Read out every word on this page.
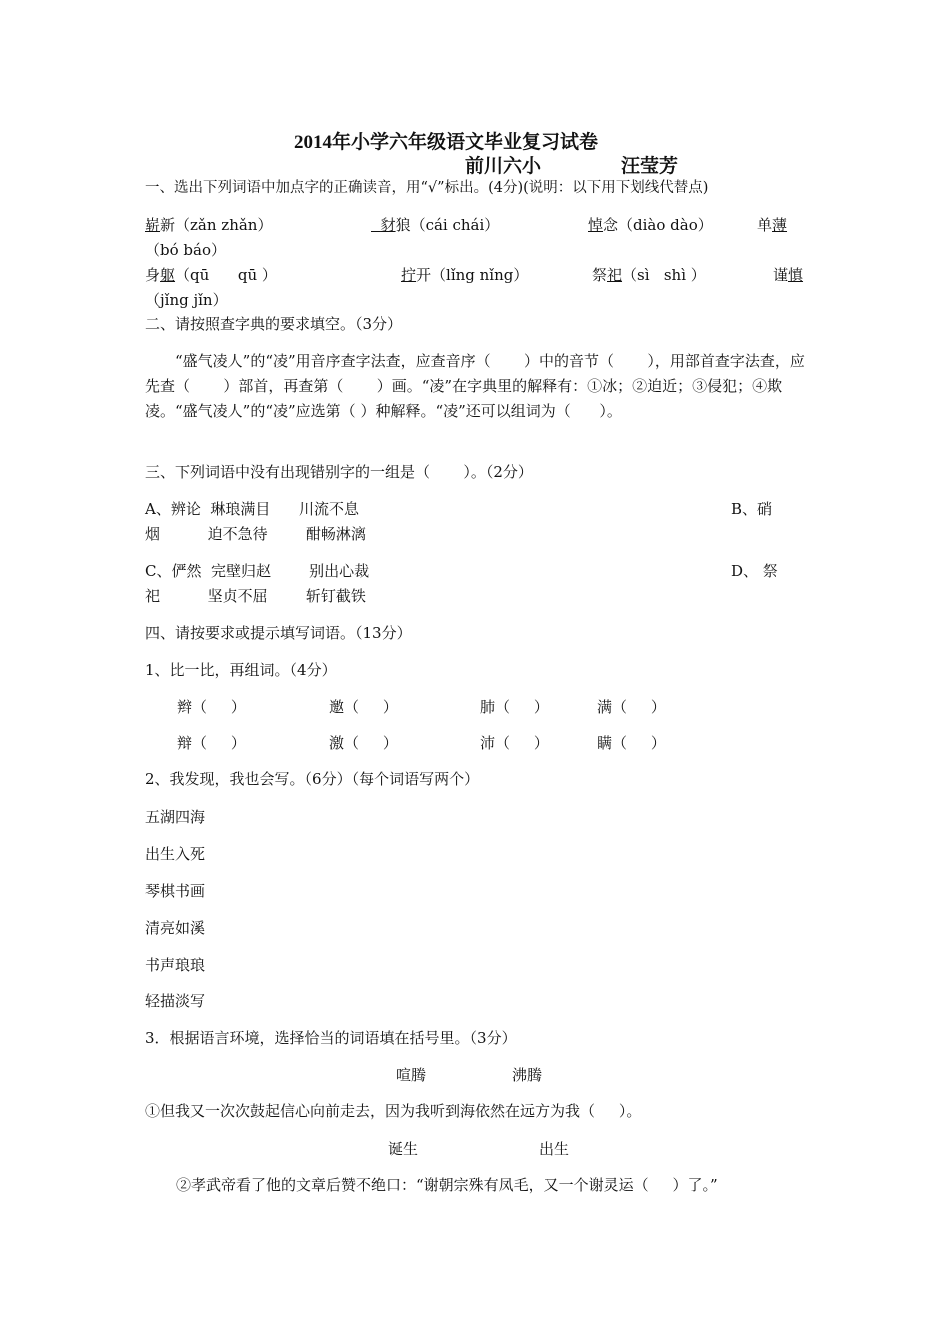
2014年小学六年级语文毕业复习试卷
前川六小	汪莹芳
一、选出下列词语中加点字的正确读音，用“√”标出。(4分)(说明：以下用下划线代替点)
崭新（zǎn zhǎn）	豺狼（cái chái）	悼念（diào dào）	单薄
（bó báo）
身躯（qū      qū ）	拧开（lǐng nǐng）	祭祀（sì   shì ）	谨慎
（jǐng jǐn）
二、请按照查字典的要求填空。（3分）
“盛气凌人”的“凌”用音序查字法查，应查音序（       ）中的音节（       ），用部首查字法查，应先查（       ）部首，再查第（       ）画。“凌”在字典里的解释有：①冰；②迫近；③侵犯；④欺凌。“盛气凌人”的“凌”应选第（ ）种解释。“凌”还可以组词为（      ）。
三、下列词语中没有出现错别字的一组是（       ）。（2分）
A、辨论  琳琅满目      川流不息	B、硝
烟          迫不急待        酣畅淋漓
C、俨然  完壁归赵        别出心裁	D、 祭
祀          坚贞不屈        斩钉截铁
四、请按要求或提示填写词语。（13分）
1、比一比，再组词。（4分）
辫（     ）	邀（     ）	肺（     ）	满（     ）
辩（     ）	激（     ）	沛（     ）	瞒（     ）
2、我发现，我也会写。（6分）（每个词语写两个）
五湖四海
出生入死
琴棋书画
清亮如溪
书声琅琅
轻描淡写
3．根据语言环境，选择恰当的词语填在括号里。（3分）
喧腾	沸腾
①但我又一次次鼓起信心向前走去，因为我听到海依然在远方为我（     ）。
诞生	出生
②孝武帝看了他的文章后赞不绝口：“谢朝宗殊有凤毛，又一个谢灵运（     ）了。”
